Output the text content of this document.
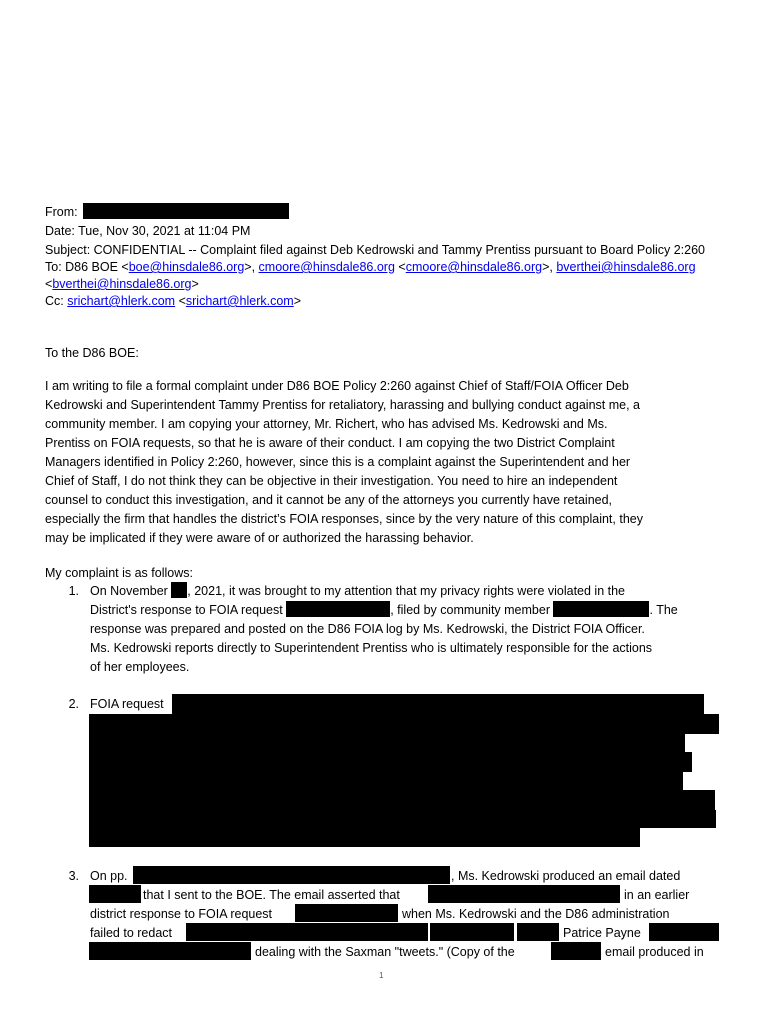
From:
Date: Tue, Nov 30, 2021 at 11:04 PM
Subject: CONFIDENTIAL -- Complaint filed against Deb Kedrowski and Tammy Prentiss pursuant to Board Policy 2:260
To: D86 BOE <boe@hinsdale86.org>, cmoore@hinsdale86.org <cmoore@hinsdale86.org>, bverthei@hinsdale86.org
<bverthei@hinsdale86.org>
Cc: srichart@hlerk.com <srichart@hlerk.com>
To the D86 BOE:
I am writing to file a formal complaint under D86 BOE Policy 2:260 against Chief of Staff/FOIA Officer Deb
Kedrowski and Superintendent Tammy Prentiss for retaliatory, harassing and bullying conduct against me, a
community member. I am copying your attorney, Mr. Richert, who has advised Ms. Kedrowski and Ms.
Prentiss on FOIA requests, so that he is aware of their conduct. I am copying the two District Complaint
Managers identified in Policy 2:260, however, since this is a complaint against the Superintendent and her
Chief of Staff, I do not think they can be objective in their investigation. You need to hire an independent
counsel to conduct this investigation, and it cannot be any of the attorneys you currently have retained,
especially the firm that handles the district’s FOIA responses, since by the very nature of this complaint, they
may be implicated if they were aware of or authorized the harassing behavior.
My complaint is as follows:
1. On November , 2021, it was brought to my attention that my privacy rights were violated in the
District's response to FOIA request	, filed by community member	. The
response was prepared and posted on the D86 FOIA log by Ms. Kedrowski, the District FOIA Officer.
Ms. Kedrowski reports directly to Superintendent Prentiss who is ultimately responsible for the actions
of her employees.
2. FOIA request
3. On pp.	, Ms. Kedrowski produced an email dated
that I sent to the BOE. The email asserted that	in an earlier
district response to FOIA request	when Ms. Kedrowski and the D86 administration
failed to redact	Patrice Payne
dealing with the Saxman "tweets." (Copy of the	email produced in
1
